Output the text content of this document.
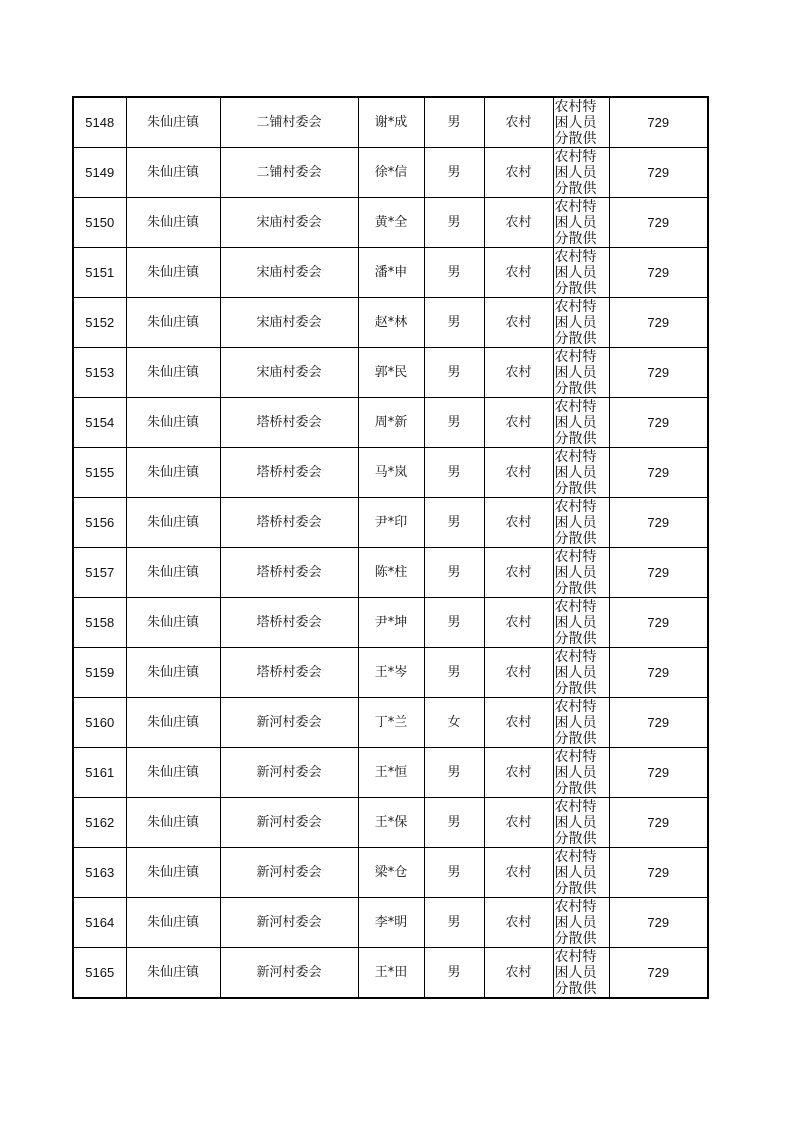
5148	朱仙庄镇	二铺村委会	谢*成	男	农村	农村特困人员分散供	729
5149	朱仙庄镇	二铺村委会	徐*信	男	农村	农村特困人员分散供	729
5150	朱仙庄镇	宋庙村委会	黄*全	男	农村	农村特困人员分散供	729
5151	朱仙庄镇	宋庙村委会	潘*申	男	农村	农村特困人员分散供	729
5152	朱仙庄镇	宋庙村委会	赵*林	男	农村	农村特困人员分散供	729
5153	朱仙庄镇	宋庙村委会	郭*民	男	农村	农村特困人员分散供	729
5154	朱仙庄镇	塔桥村委会	周*新	男	农村	农村特困人员分散供	729
5155	朱仙庄镇	塔桥村委会	马*岚	男	农村	农村特困人员分散供	729
5156	朱仙庄镇	塔桥村委会	尹*印	男	农村	农村特困人员分散供	729
5157	朱仙庄镇	塔桥村委会	陈*柱	男	农村	农村特困人员分散供	729
5158	朱仙庄镇	塔桥村委会	尹*坤	男	农村	农村特困人员分散供	729
5159	朱仙庄镇	塔桥村委会	王*岑	男	农村	农村特困人员分散供	729
5160	朱仙庄镇	新河村委会	丁*兰	女	农村	农村特困人员分散供	729
5161	朱仙庄镇	新河村委会	王*恒	男	农村	农村特困人员分散供	729
5162	朱仙庄镇	新河村委会	王*保	男	农村	农村特困人员分散供	729
5163	朱仙庄镇	新河村委会	梁*仓	男	农村	农村特困人员分散供	729
5164	朱仙庄镇	新河村委会	李*明	男	农村	农村特困人员分散供	729
5165	朱仙庄镇	新河村委会	王*田	男	农村	农村特困人员分散供	729
